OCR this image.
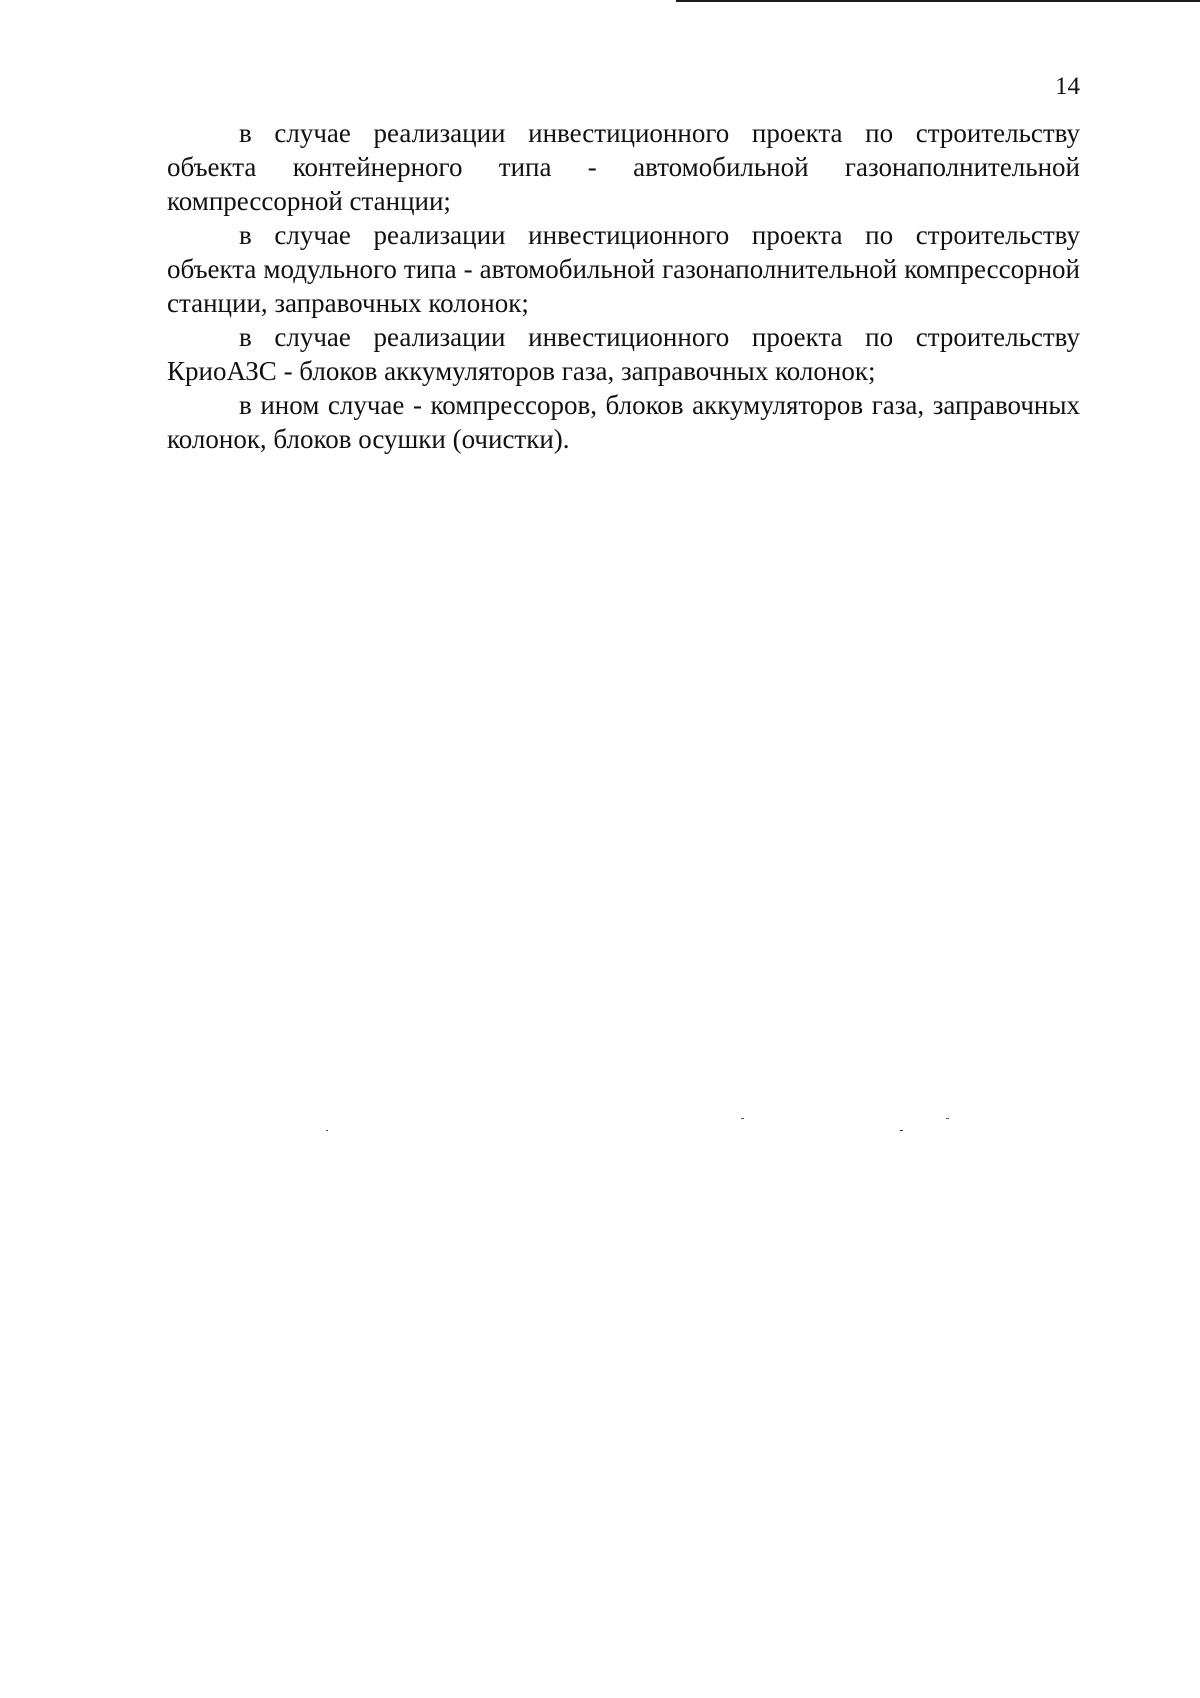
14

в случае реализации инвестиционного проекта по строительству объекта контейнерного типа - автомобильной газонаполнительной компрессорной станции;

в случае реализации инвестиционного проекта по строительству объекта модульного типа - автомобильной газонаполнительной компрессорной станции, заправочных колонок;

в случае реализации инвестиционного проекта по строительству КриоАЗС - блоков аккумуляторов газа, заправочных колонок;

в ином случае - компрессоров, блоков аккумуляторов газа, заправочных колонок, блоков осушки (очистки).
